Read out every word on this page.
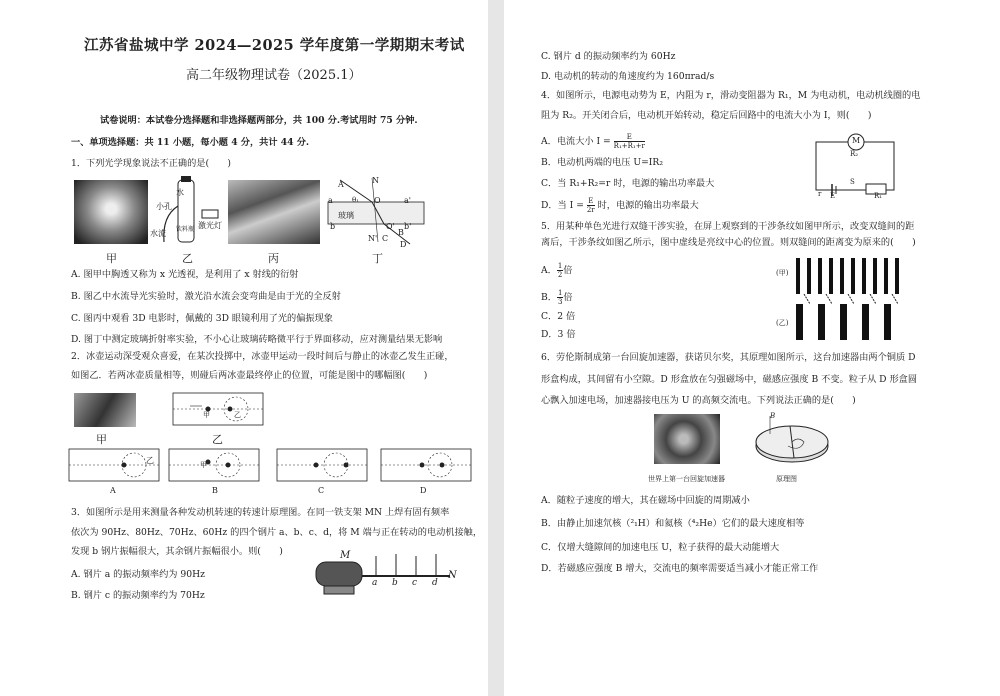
江苏省盐城中学 2024—2025 学年度第一学期期末考试
高二年级物理试卷（2025.1）
试卷说明：本试卷分选择题和非选择题两部分，共 100 分.考试用时 75 分钟.
一、单项选择题：共 11 小题，每小题 4 分，共计 44 分.
1．下列光学现象说法不正确的是(　　)
水
小孔
水流
激光灯
饮料瓶
A	N
a	θ₁ O	a'
玻璃
b	O' b'
N' C
B
D
甲	乙	丙	丁
A. 图甲中胸透又称为 x 光透视，是利用了 x 射线的衍射
B. 图乙中水流导光实验时，激光沿水流会变弯曲是由于光的全反射
C. 图丙中观看 3D 电影时，佩戴的 3D 眼镜利用了光的偏振现象
D. 图丁中测定玻璃折射率实验，不小心让玻璃砖略微平行于界面移动，应对测量结果无影响
2．冰壶运动深受观众喜爱，在某次投掷中，冰壶甲运动一段时间后与静止的冰壶乙发生正碰，
如图乙．若两冰壶质量相等，则碰后两冰壶最终停止的位置，可能是图中的哪幅图(　　)
甲	乙
甲	乙
乙	甲
A	B	C	D
3．如图所示是用来测量各种发动机转速的转速计原理图。在同一铁支架 MN 上焊有固有频率
依次为 90Hz、80Hz、70Hz、60Hz 的四个钢片 a、b、c、d，将 M 端与正在转动的电动机接触，
发现 b 钢片振幅很大，其余钢片振幅很小。则(　　)
A. 钢片 a 的振动频率约为 90Hz
B. 钢片 c 的振动频率约为 70Hz
M
a b c d
N
C. 钢片 d 的振动频率约为 60Hz
D. 电动机的转动的角速度约为 160πrad/s
4．如图所示，电源电动势为 E，内阻为 r，滑动变阻器为 R₁，M 为电动机，电动机线圈的电
阻为 R₂。开关闭合后，电动机开始转动，稳定后回路中的电流大小为 I，则(　　)
A．电流大小 $I = \frac{E}{\text{R₁+R₁+r}}$
B．电动机两端的电压 U=IR₂
C．当 R₁+R₂=r 时，电源的输出功率最大
D．当 $I = \frac{E}{2r}$ 时，电源的输出功率最大
M
R₂
r E
S
R₁
5．用某种单色光进行双缝干涉实验，在屏上观察到的干涉条纹如图甲所示，改变双缝间的距
离后，干涉条纹如图乙所示，图中虚线是亮纹中心的位置。则双缝间的距离变为原来的(　　)
A． $\frac{1}{2}$ 倍
B． $\frac{1}{3}$ 倍
C．2 倍
D．3 倍
(甲)
(乙)
6．劳伦斯制成第一台回旋加速器，获诺贝尔奖，其原理如图所示，这台加速器由两个铜质 D
形盒构成，其间留有小空隙。D 形盒放在匀强磁场中，磁感应强度 B 不变。粒子从 D 形盒圆
心飘入加速电场，加速器接电压为 U 的高频交流电。下列说法正确的是(　　)
B
世界上第一台回旋加速器	原理图
A．随粒子速度的增大，其在磁场中回旋的周期减小
B．由静止加速氘核（²₁H）和氦核（⁴₂He）它们的最大速度相等
C．仅增大缝隙间的加速电压 U，粒子获得的最大动能增大
D．若磁感应强度 B 增大，交流电的频率需要适当减小才能正常工作
